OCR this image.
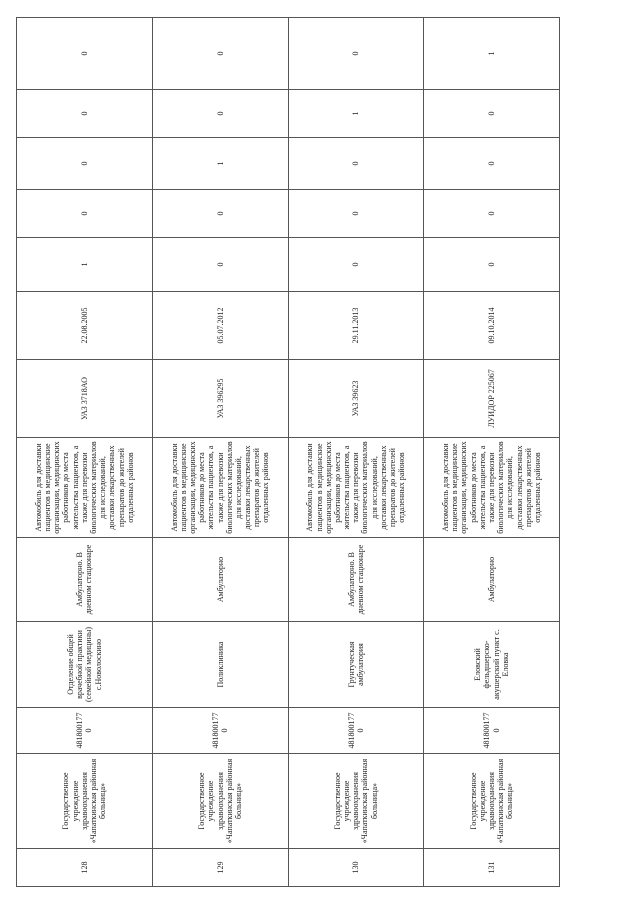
128	Государственное учреждение здравоохранения «Чапаткинская районная больница»	4818001770	Отделение общей врачебной практики (семейной медицины) с.Новолоскино	Амбулаторно. В дневном стационаре	Автомобиль для доставки пациентов в медицинские организации, медицинских работников до места жительства пациентов, а также для перевозки биологических материалов для исследований, доставки лекарственных препаратов до жителей отдаленных районов	УАЗ 3718АО	22.08.2005	1	0	0	0	0
129	Государственное учреждение здравоохранения «Чапаткинская районная больница»	4818001770	Поликлиника	Амбулаторно	Автомобиль для доставки пациентов в медицинские организации, медицинских работников до места жительства пациентов, а также для перевозки биологических материалов для исследований, доставки лекарственных препаратов до жителей отдаленных районов	УАЗ 396295	05.07.2012	0	0	1	0	0
130	Государственное учреждение здравоохранения «Чапаткинская районная больница»	4818001770	Грунтуческая амбулатория	Амбулаторно. В дневном стационаре	Автомобиль для доставки пациентов в медицинские организации, медицинских работников до места жительства пациентов, а также для перевозки биологических материалов для исследований, доставки лекарственных препаратов до жителей отдаленных районов	УАЗ 39623	29.11.2013	0	0	0	1	0
131	Государственное учреждение здравоохранения «Чапаткинская районная больница»	4818001770	Еловский фельдшерско-акушерский пункт с. Еловка	Амбулаторно	Автомобиль для доставки пациентов в медицинские организации, медицинских работников до места жительства пациентов, а также для перевозки биологических материалов для исследований, доставки лекарственных препаратов до жителей отдаленных районов	ЛУИДОР 225067	09.10.2014	0	0	0	0	1
